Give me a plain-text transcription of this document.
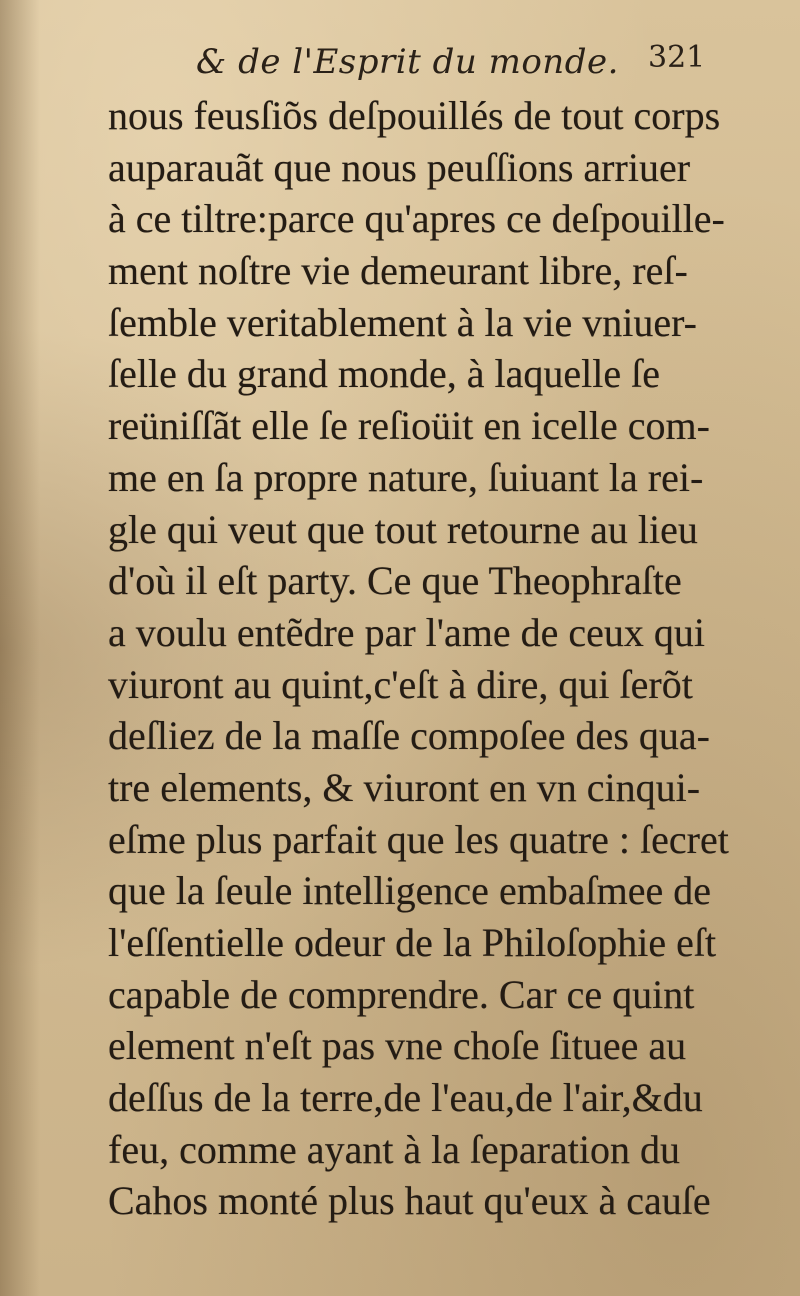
& de l'Esprit du monde. 321
nous feusſiõs deſpouillés de tout corps
auparauãt que nous peuſſions arriuer
à ce tiltre:parce qu'apres ce deſpouille-
ment noſtre vie demeurant libre, reſ-
ſemble veritablement à la vie vniuer-
ſelle du grand monde, à laquelle ſe
reüniſſãt elle ſe reſioüit en icelle com-
me en ſa propre nature, ſuiuant la rei-
gle qui veut que tout retourne au lieu
d'où il eſt party. Ce que Theophraſte
a voulu entẽdre par l'ame de ceux qui
viuront au quint,c'eſt à dire, qui ſerõt
deſliez de la maſſe compoſee des qua-
tre elements, & viuront en vn cinqui-
eſme plus parfait que les quatre : ſecret
que la ſeule intelligence embaſmee de
l'eſſentielle odeur de la Philoſophie eſt
capable de comprendre. Car ce quint
element n'eſt pas vne choſe ſituee au
deſſus de la terre,de l'eau,de l'air,&du
feu, comme ayant à la ſeparation du
Cahos monté plus haut qu'eux à cauſe
